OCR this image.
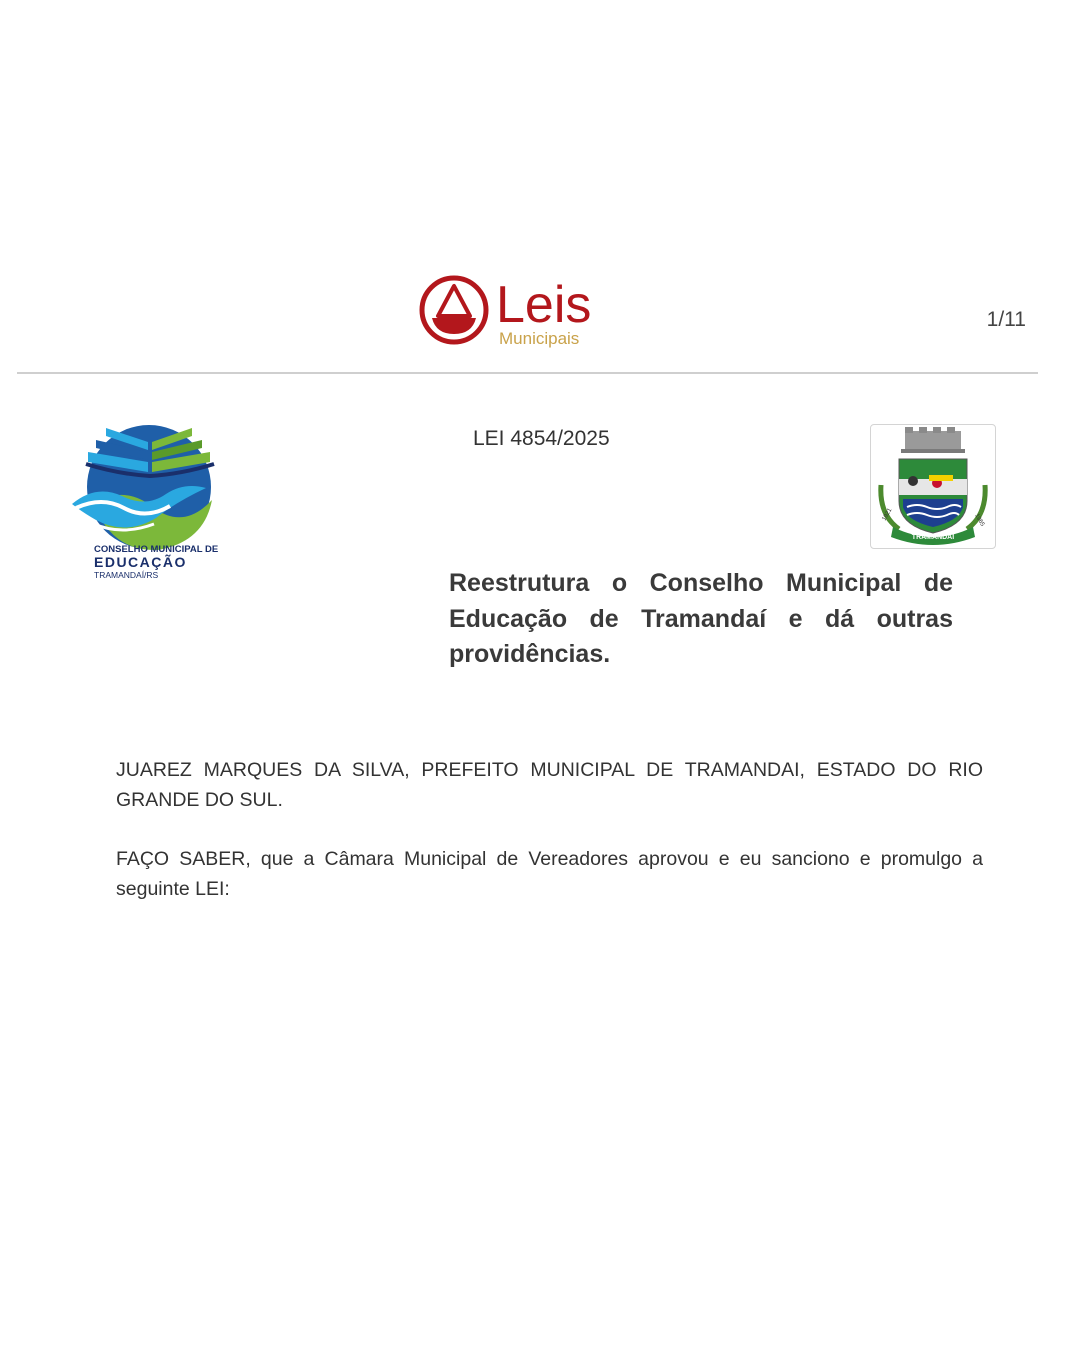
Leis
Municipais
1/11
CONSELHO MUNICIPAL DE
EDUCAÇÃO
TRAMANDAÍ/RS
LEI 4854/2025
TRAMANDAÍ
1921	1965
Reestrutura o Conselho Municipal de Educação de Tramandaí e dá outras providências.
JUAREZ MARQUES DA SILVA, PREFEITO MUNICIPAL DE TRAMANDAI, ESTADO DO RIO GRANDE DO SUL.
FAÇO SABER, que a Câmara Municipal de Vereadores aprovou e eu sanciono e promulgo a seguinte LEI:
